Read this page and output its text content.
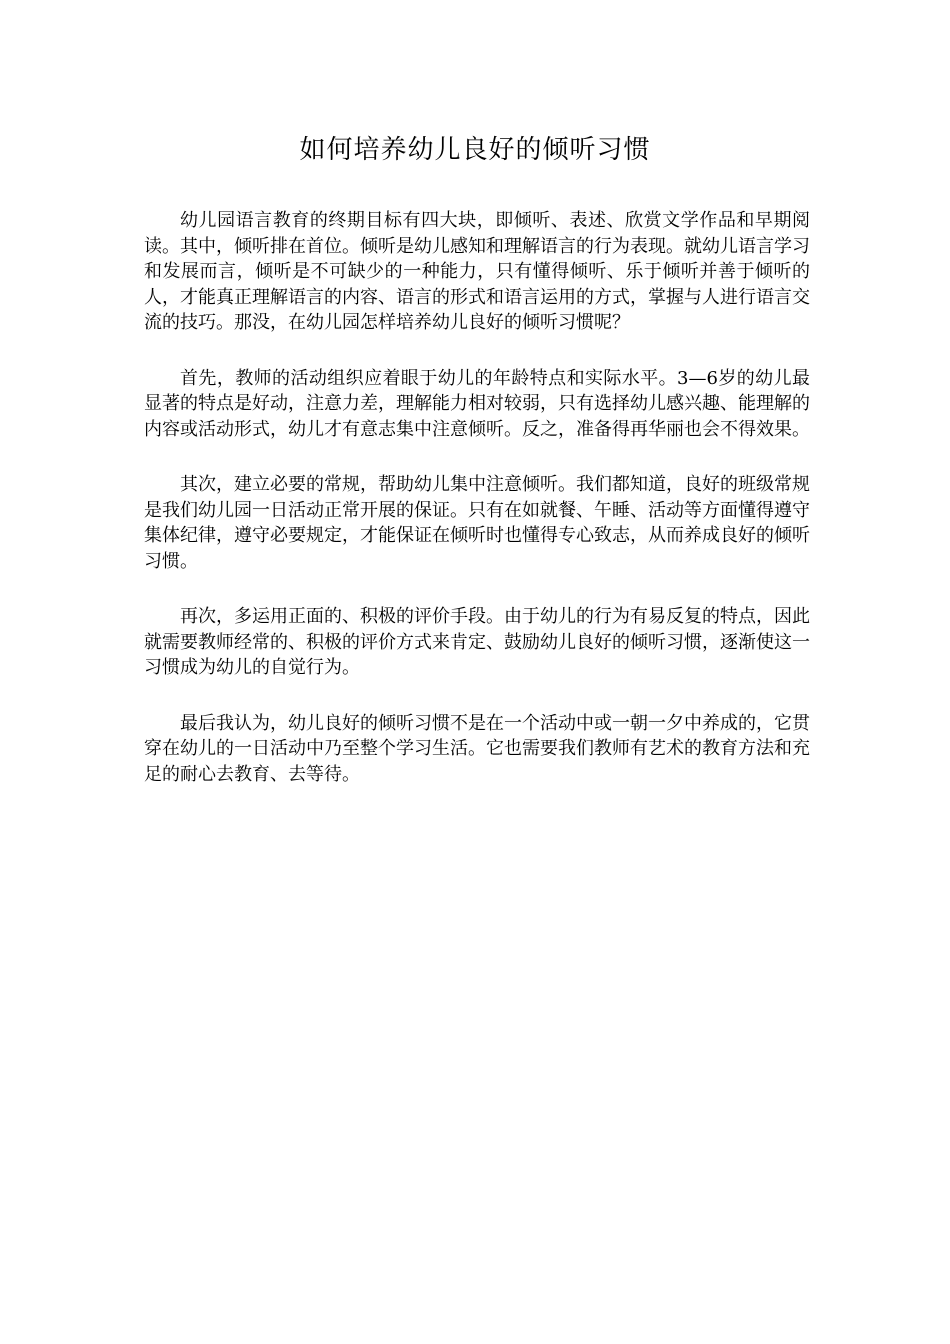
如何培养幼儿良好的倾听习惯

幼儿园语言教育的终期目标有四大块，即倾听、表述、欣赏文学作品和早期阅读。其中，倾听排在首位。倾听是幼儿感知和理解语言的行为表现。就幼儿语言学习和发展而言，倾听是不可缺少的一种能力，只有懂得倾听、乐于倾听并善于倾听的人，才能真正理解语言的内容、语言的形式和语言运用的方式，掌握与人进行语言交流的技巧。那没，在幼儿园怎样培养幼儿良好的倾听习惯呢？

首先，教师的活动组织应着眼于幼儿的年龄特点和实际水平。3—6岁的幼儿最显著的特点是好动，注意力差，理解能力相对较弱，只有选择幼儿感兴趣、能理解的内容或活动形式，幼儿才有意志集中注意倾听。反之，准备得再华丽也会不得效果。

其次，建立必要的常规，帮助幼儿集中注意倾听。我们都知道，良好的班级常规是我们幼儿园一日活动正常开展的保证。只有在如就餐、午睡、活动等方面懂得遵守集体纪律，遵守必要规定，才能保证在倾听时也懂得专心致志，从而养成良好的倾听习惯。

再次，多运用正面的、积极的评价手段。由于幼儿的行为有易反复的特点，因此就需要教师经常的、积极的评价方式来肯定、鼓励幼儿良好的倾听习惯，逐渐使这一习惯成为幼儿的自觉行为。

最后我认为，幼儿良好的倾听习惯不是在一个活动中或一朝一夕中养成的，它贯穿在幼儿的一日活动中乃至整个学习生活。它也需要我们教师有艺术的教育方法和充足的耐心去教育、去等待。
